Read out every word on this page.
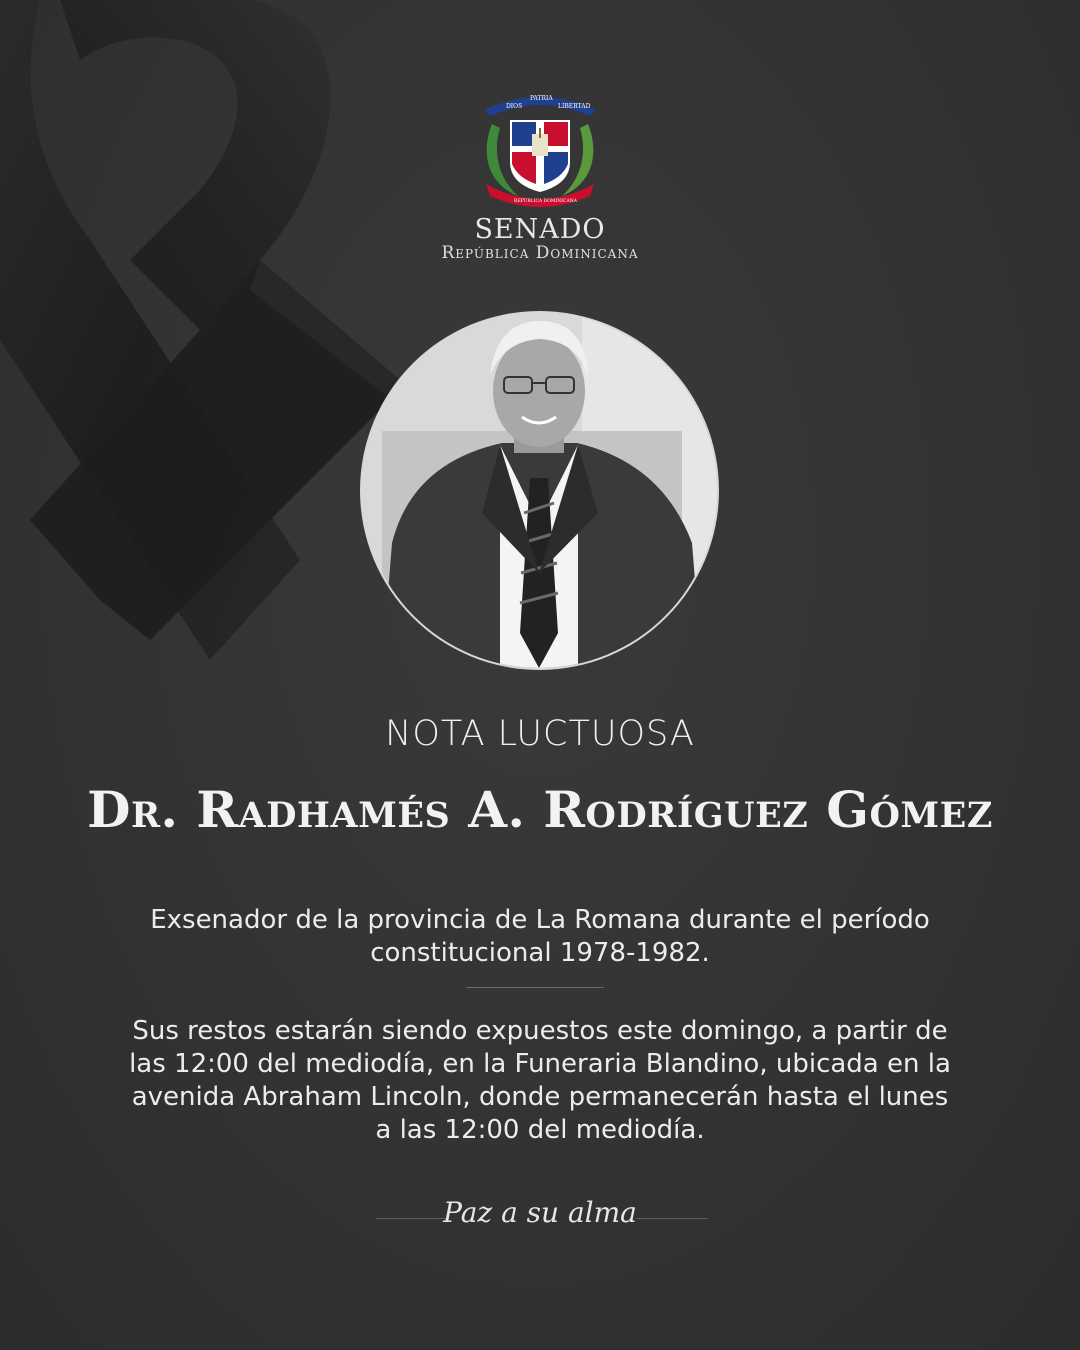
DIOS
PATRIA
LIBERTAD
REPÚBLICA DOMINICANA
SENADO
República Dominicana
NOTA LUCTUOSA
Dr. Radhamés A. Rodríguez Gómez
Exsenador de la provincia de La Romana durante el período
constitucional 1978-1982.
Sus restos estarán siendo expuestos este domingo, a partir de
las 12:00 del mediodía, en la Funeraria Blandino, ubicada en la
avenida Abraham Lincoln, donde permanecerán hasta el lunes
a las 12:00 del mediodía.
Paz a su alma
